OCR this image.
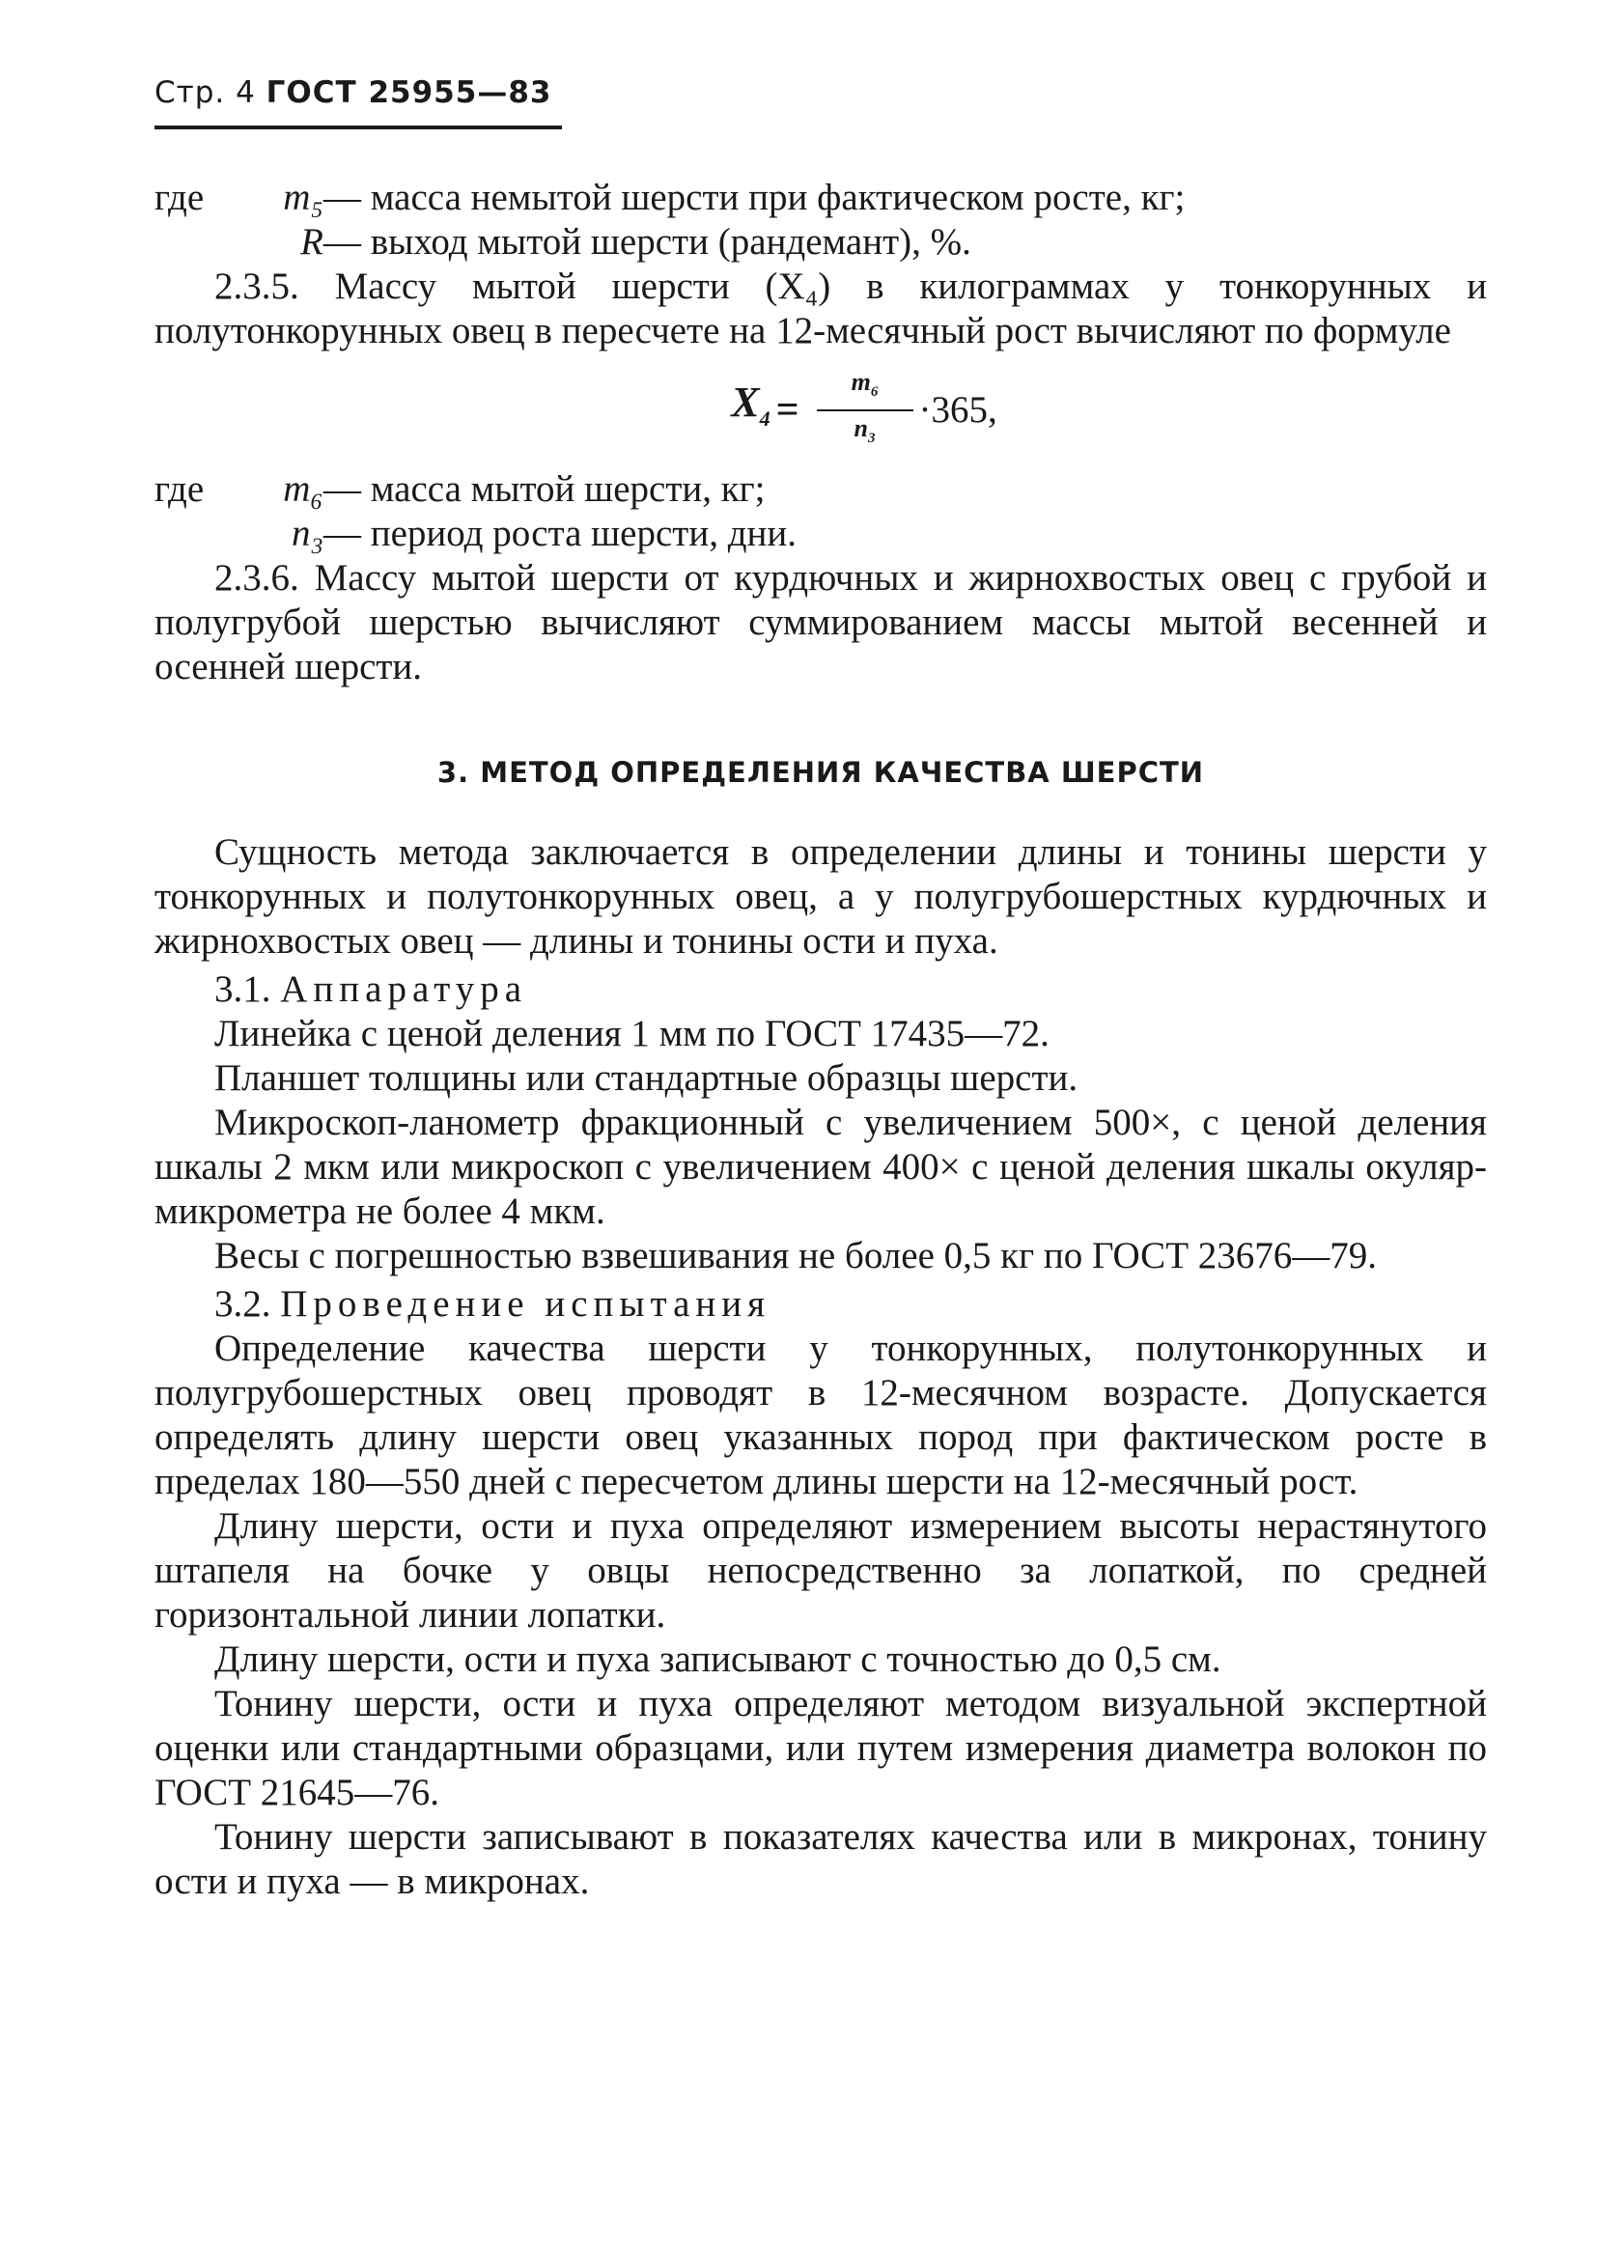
Стр. 4 ГОСТ 25955—83
где	m₅ — масса немытой шерсти при фактическом росте, кг;
R — выход мытой шерсти (рандемант), %.

2.3.5. Массу мытой шерсти (X₄) в килограммах у тонкорунных и полутонкорунных овец в пересчете на 12-месячный рост вычисляют по формуле

$X_4 = \frac{m_6}{n_3} \cdot 365$,
где	m₆ — масса мытой шерсти, кг;
n₃ — период роста шерсти, дни.

2.3.6. Массу мытой шерсти от курдючных и жирнохвостых овец с грубой и полугрубой шерстью вычисляют суммированием массы мытой весенней и осенней шерсти.

3. МЕТОД ОПРЕДЕЛЕНИЯ КАЧЕСТВА ШЕРСТИ

Сущность метода заключается в определении длины и тонины шерсти у тонкорунных и полутонкорунных овец, а у полугрубошерстных курдючных и жирнохвостых овец — длины и тонины ости и пуха.

3.1. Аппаратура

Линейка с ценой деления 1 мм по ГОСТ 17435—72.

Планшет толщины или стандартные образцы шерсти.

Микроскоп-ланометр фракционный с увеличением 500×, с ценой деления шкалы 2 мкм или микроскоп с увеличением 400× с ценой деления шкалы окуляр-микрометра не более 4 мкм.

Весы с погрешностью взвешивания не более 0,5 кг по ГОСТ 23676—79.

3.2. Проведение испытания

Определение качества шерсти у тонкорунных, полутонкорунных и полугрубошерстных овец проводят в 12-месячном возрасте. Допускается определять длину шерсти овец указанных пород при фактическом росте в пределах 180—550 дней с пересчетом длины шерсти на 12-месячный рост.

Длину шерсти, ости и пуха определяют измерением высоты нерастянутого штапеля на бочке у овцы непосредственно за лопаткой, по средней горизонтальной линии лопатки.

Длину шерсти, ости и пуха записывают с точностью до 0,5 см.

Тонину шерсти, ости и пуха определяют методом визуальной экспертной оценки или стандартными образцами, или путем измерения диаметра волокон по ГОСТ 21645—76.

Тонину шерсти записывают в показателях качества или в микронах, тонину ости и пуха — в микронах.
